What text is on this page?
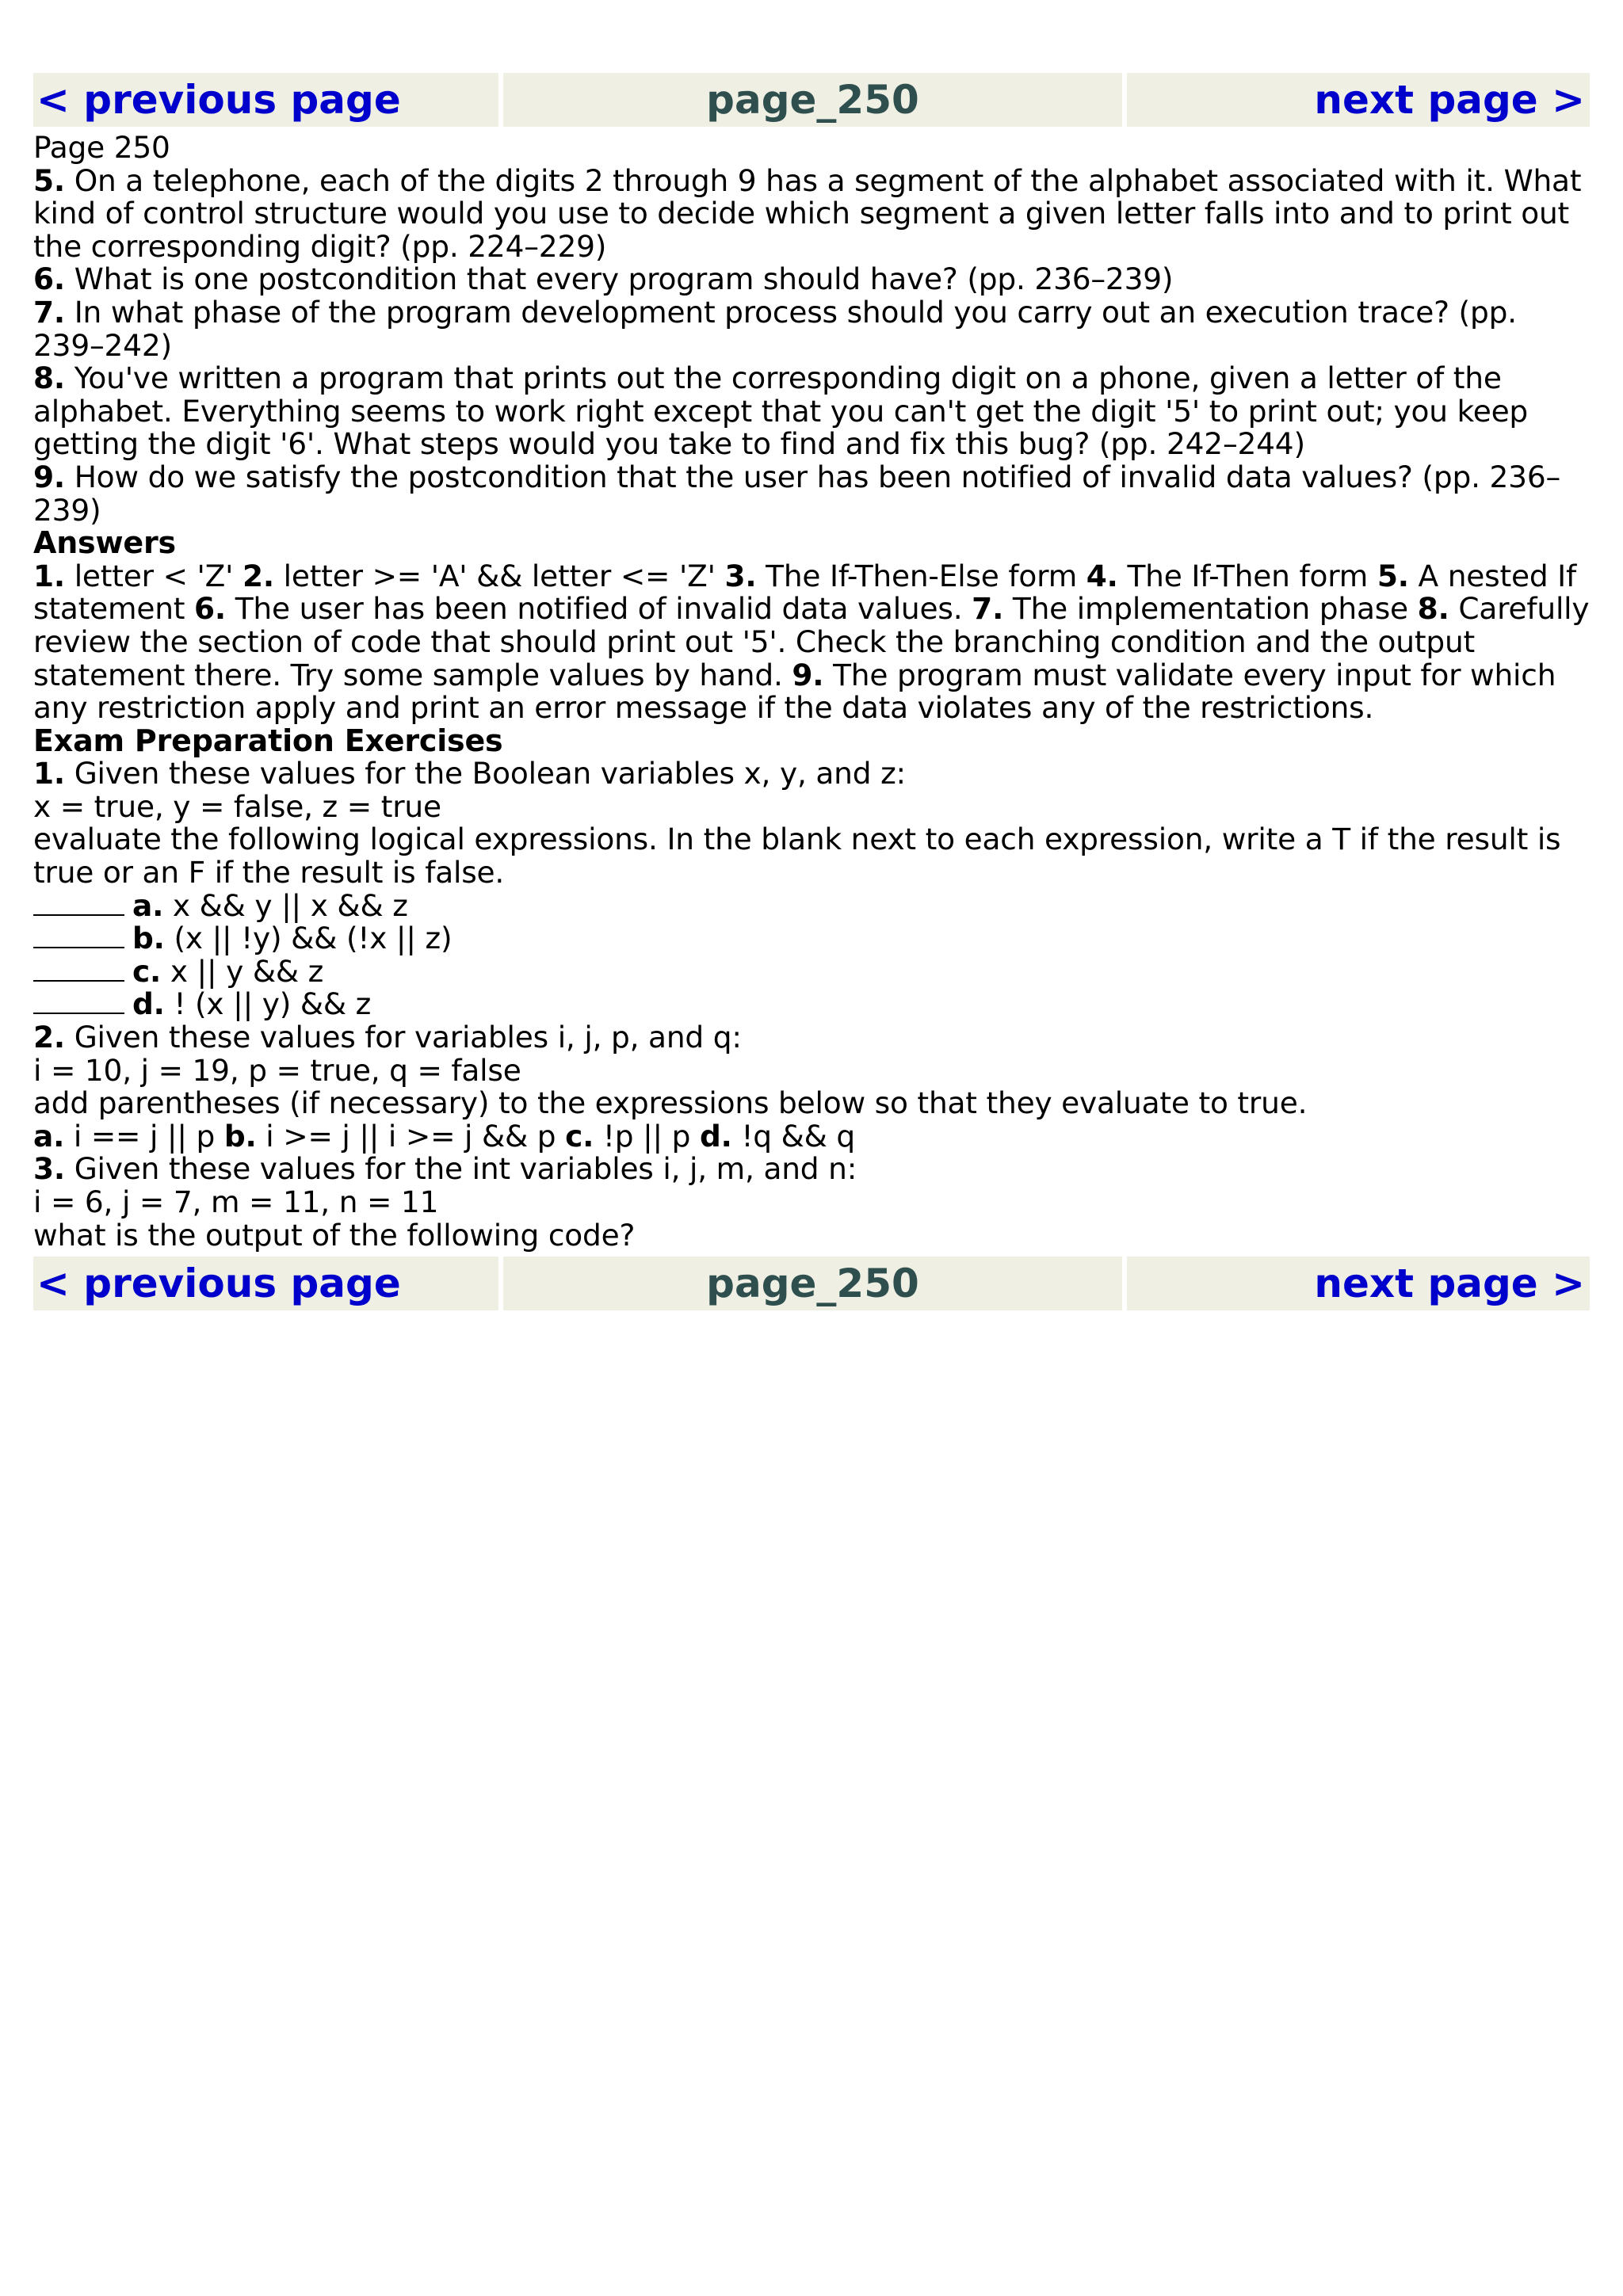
< previous page	page_250	next page >

Page 250

5. On a telephone, each of the digits 2 through 9 has a segment of the alphabet associated with it. What kind of control structure would you use to decide which segment a given letter falls into and to print out the corresponding digit? (pp. 224–229)

6. What is one postcondition that every program should have? (pp. 236–239)

7. In what phase of the program development process should you carry out an execution trace? (pp. 239–242)

8. You've written a program that prints out the corresponding digit on a phone, given a letter of the alphabet. Everything seems to work right except that you can't get the digit '5' to print out; you keep getting the digit '6'. What steps would you take to find and fix this bug? (pp. 242–244)

9. How do we satisfy the postcondition that the user has been notified of invalid data values? (pp. 236–239)

Answers

1. letter < 'Z' 2. letter >= 'A' && letter <= 'Z' 3. The If-Then-Else form 4. The If-Then form 5. A nested If statement 6. The user has been notified of invalid data values. 7. The implementation phase 8. Carefully review the section of code that should print out '5'. Check the branching condition and the output statement there. Try some sample values by hand. 9. The program must validate every input for which any restriction apply and print an error message if the data violates any of the restrictions.

Exam Preparation Exercises

1. Given these values for the Boolean variables x, y, and z:

x = true, y = false, z = true

evaluate the following logical expressions. In the blank next to each expression, write a T if the result is true or an F if the result is false.

a. x && y || x && z

b. (x || !y) && (!x || z)

c. x || y && z

d. ! (x || y) && z

2. Given these values for variables i, j, p, and q:

i = 10, j = 19, p = true, q = false

add parentheses (if necessary) to the expressions below so that they evaluate to true.

a. i == j || p b. i >= j || i >= j && p c. !p || p d. !q && q

3. Given these values for the int variables i, j, m, and n:

i = 6, j = 7, m = 11, n = 11

what is the output of the following code?

< previous page	page_250	next page >
